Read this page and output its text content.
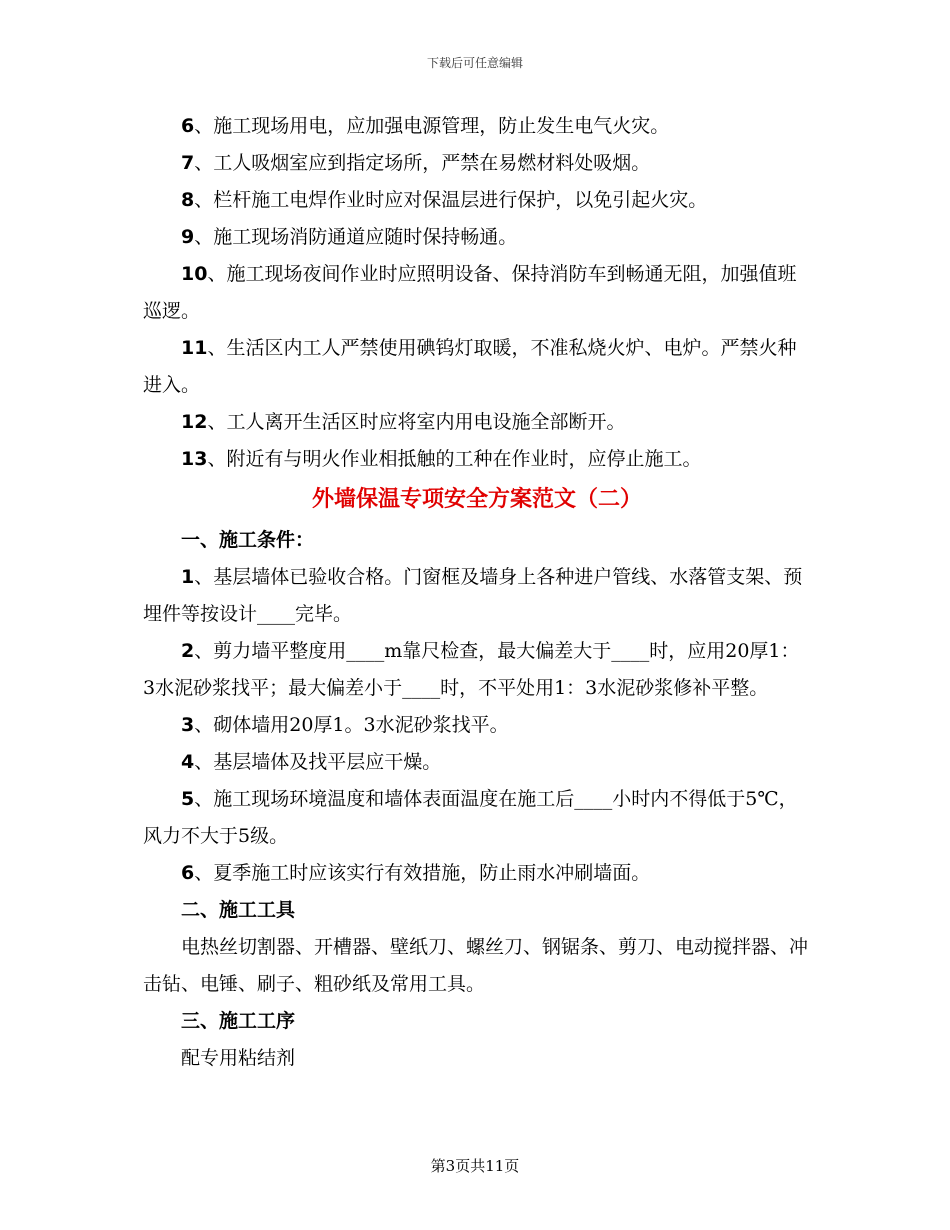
下载后可任意编辑

6、施工现场用电，应加强电源管理，防止发生电气火灾。

7、工人吸烟室应到指定场所，严禁在易燃材料处吸烟。

8、栏杆施工电焊作业时应对保温层进行保护，以免引起火灾。

9、施工现场消防通道应随时保持畅通。

10、施工现场夜间作业时应照明设备、保持消防车到畅通无阻，加强值班巡逻。

11、生活区内工人严禁使用碘钨灯取暖，不准私烧火炉、电炉。严禁火种进入。

12、工人离开生活区时应将室内用电设施全部断开。

13、附近有与明火作业相抵触的工种在作业时，应停止施工。

外墙保温专项安全方案范文（二）

一、施工条件：

1、基层墙体已验收合格。门窗框及墙身上各种进户管线、水落管支架、预埋件等按设计____完毕。

2、剪力墙平整度用____m靠尺检查，最大偏差大于____时，应用20厚1：3水泥砂浆找平；最大偏差小于____时，不平处用1：3水泥砂浆修补平整。

3、砌体墙用20厚1。3水泥砂浆找平。

4、基层墙体及找平层应干燥。

5、施工现场环境温度和墙体表面温度在施工后____小时内不得低于5℃，风力不大于5级。

6、夏季施工时应该实行有效措施，防止雨水冲刷墙面。

二、施工工具

电热丝切割器、开槽器、壁纸刀、螺丝刀、钢锯条、剪刀、电动搅拌器、冲击钻、电锤、刷子、粗砂纸及常用工具。

三、施工工序

配专用粘结剂

第3页共11页
